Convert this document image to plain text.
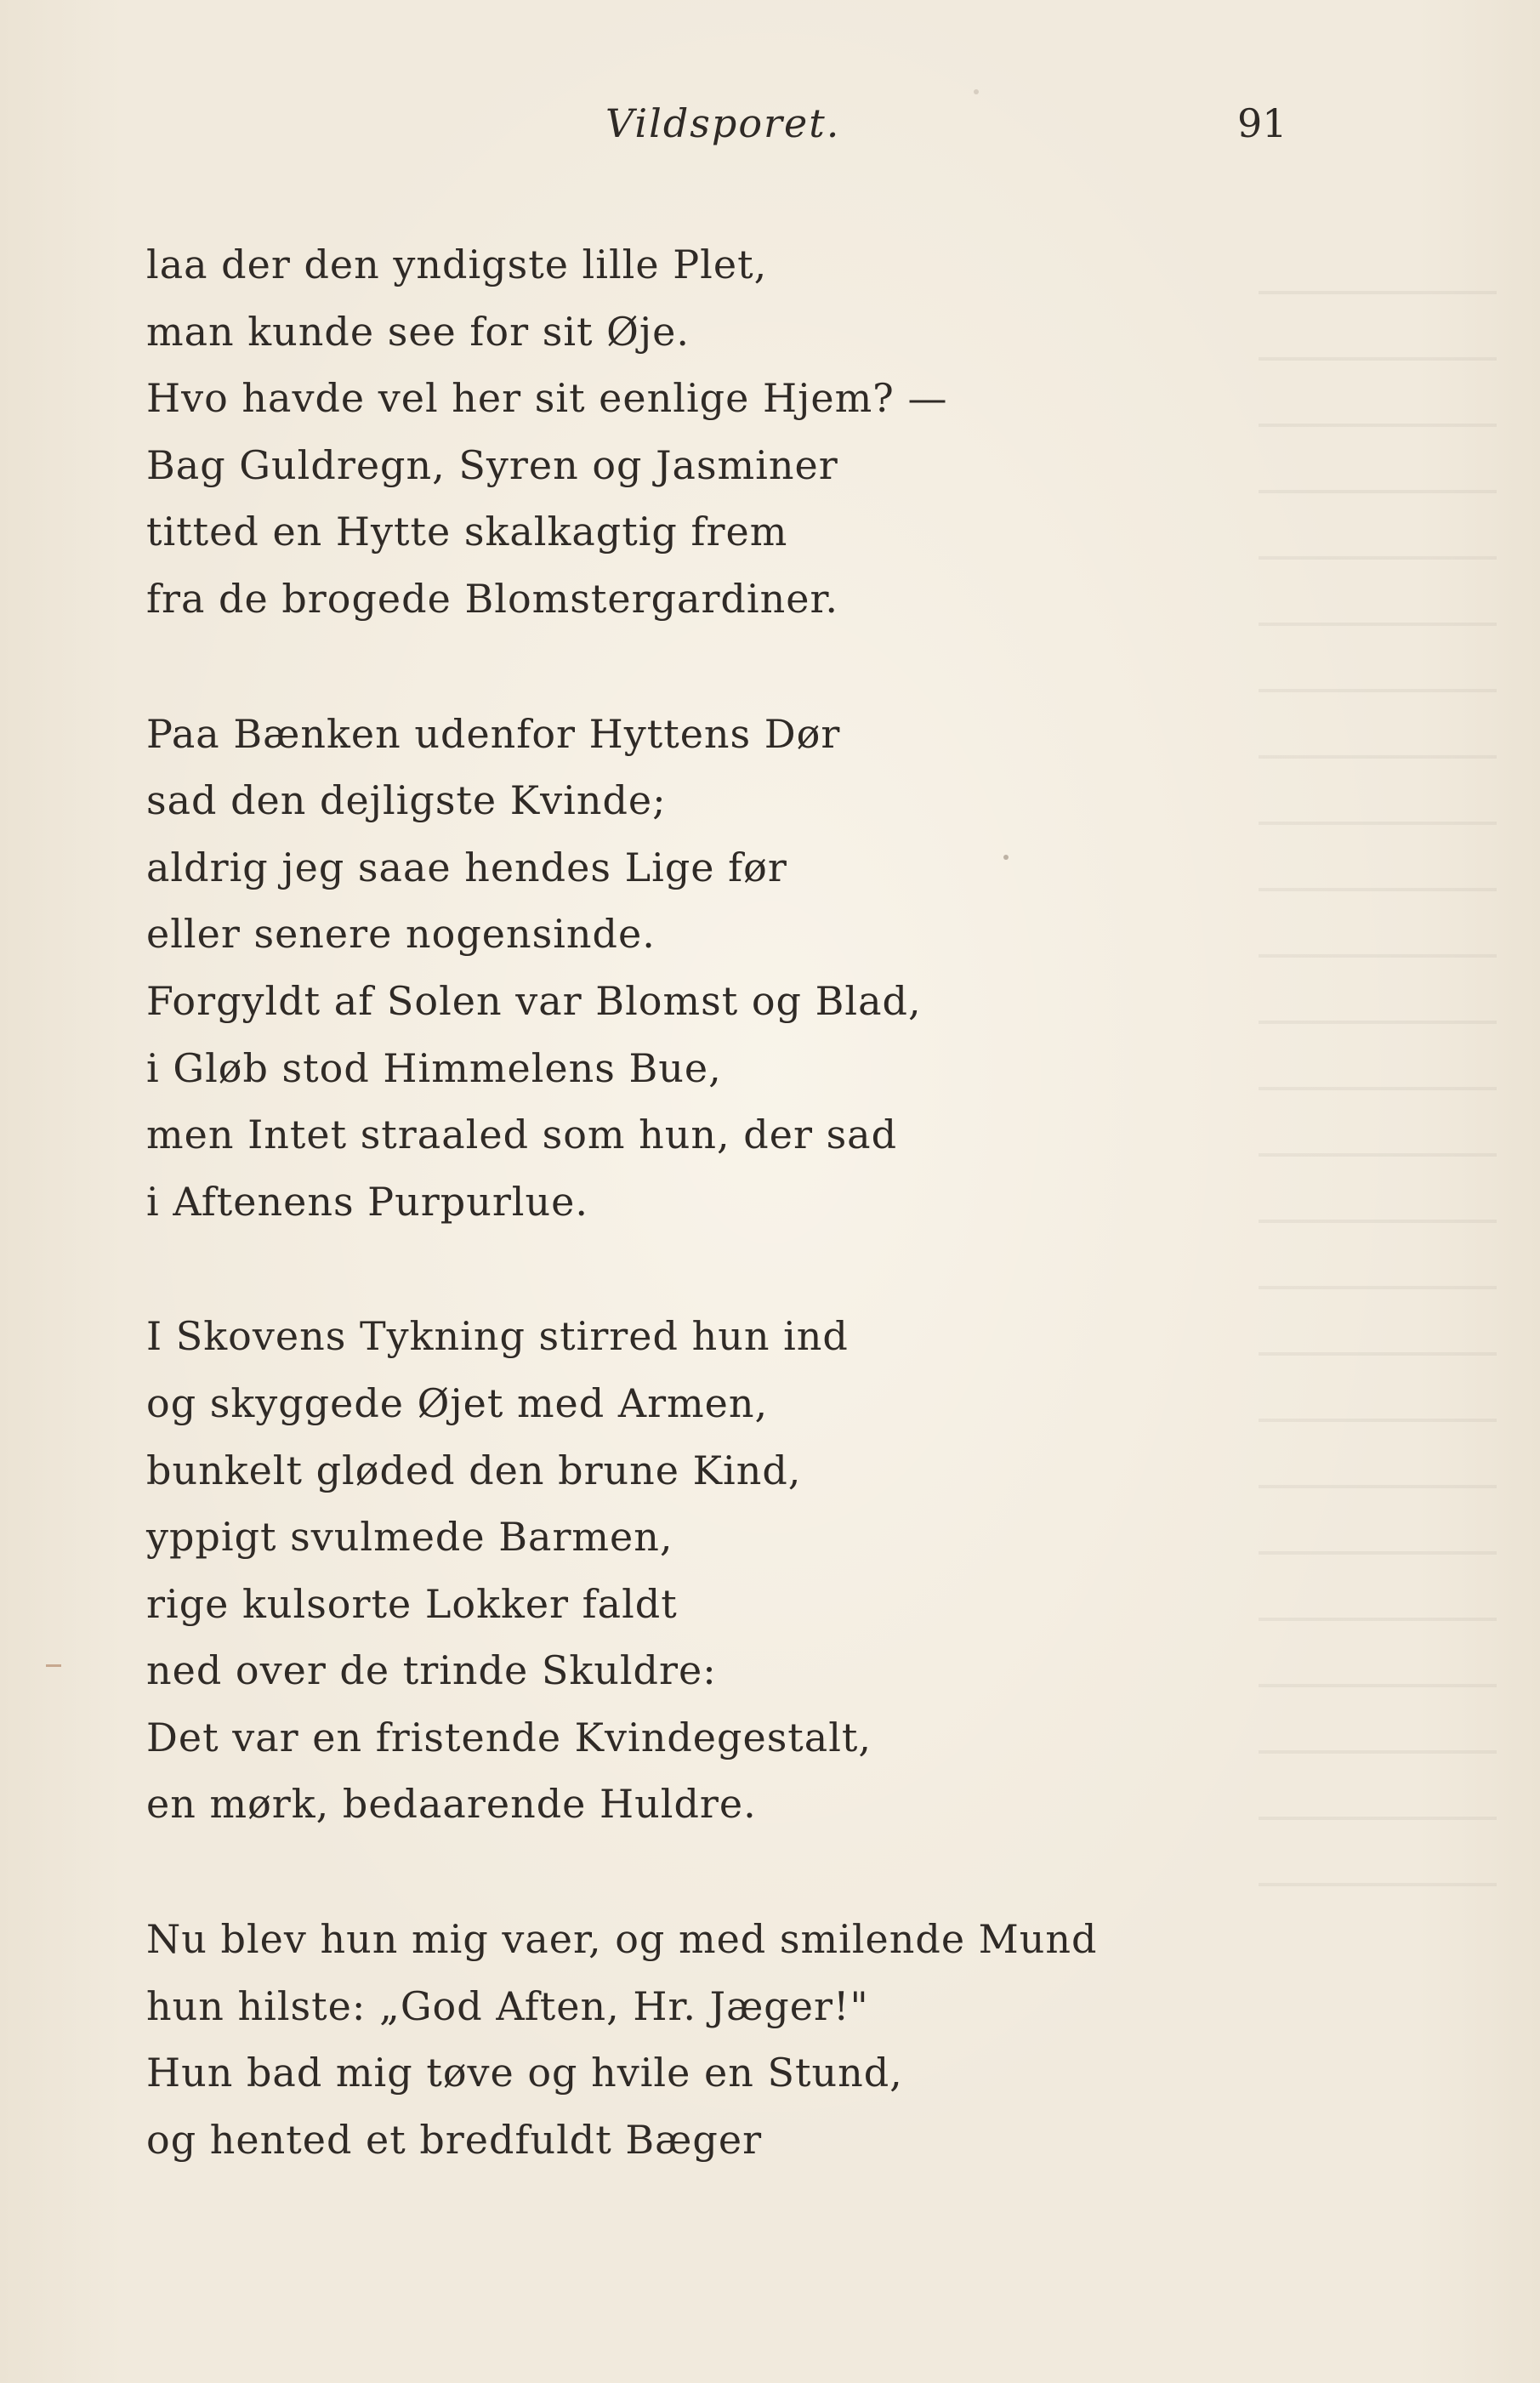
Vildsporet.	91
laa der den yndigste lille Plet,
man kunde see for sit Øje.
Hvo havde vel her sit eenlige Hjem? —
Bag Guldregn, Syren og Jasminer
titted en Hytte skalkagtig frem
fra de brogede Blomstergardiner.
Paa Bænken udenfor Hyttens Dør
sad den dejligste Kvinde;
aldrig jeg saae hendes Lige før
eller senere nogensinde.
Forgyldt af Solen var Blomst og Blad,
i Gløb stod Himmelens Bue,
men Intet straaled som hun, der sad
i Aftenens Purpurlue.
I Skovens Tykning stirred hun ind
og skyggede Øjet med Armen,
bunkelt gløded den brune Kind,
yppigt svulmede Barmen,
rige kulsorte Lokker faldt
ned over de trinde Skuldre:
Det var en fristende Kvindegestalt,
en mørk, bedaarende Huldre.
Nu blev hun mig vaer, og med smilende Mund
hun hilste: „God Aften, Hr. Jæger!"
Hun bad mig tøve og hvile en Stund,
og hented et bredfuldt Bæger
